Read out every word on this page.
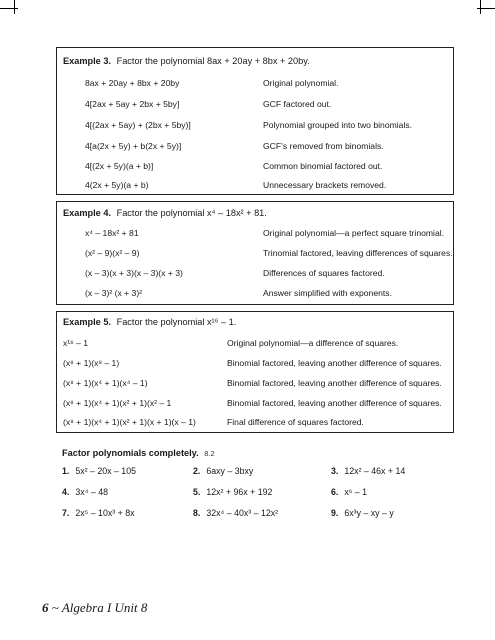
Example 3. Factor the polynomial 8ax + 20ay + 8bx + 20by.
8ax + 20ay + 8bx + 20by	Original polynomial.
4[2ax + 5ay + 2bx + 5by]	GCF factored out.
4[(2ax + 5ay) + (2bx + 5by)]	Polynomial grouped into two binomials.
4[a(2x + 5y) + b(2x + 5y)]	GCF’s removed from binomials.
4[(2x + 5y)(a + b)]	Common binomial factored out.
4(2x + 5y)(a + b)	Unnecessary brackets removed.
Example 4. Factor the polynomial x⁴ – 18x² + 81.
x⁴ – 18x² + 81	Original polynomial—a perfect square trinomial.
(x² – 9)(x² – 9)	Trinomial factored, leaving differences of squares.
(x – 3)(x + 3)(x – 3)(x + 3)	Differences of squares factored.
(x – 3)² (x + 3)²	Answer simplified with exponents.
Example 5. Factor the polynomial x¹⁶ – 1.
x¹⁶ – 1	Original polynomial—a difference of squares.
(x⁸ + 1)(x⁸ – 1)	Binomial factored, leaving another difference of squares.
(x⁸ + 1)(x⁴ + 1)(x⁴ – 1)	Binomial factored, leaving another difference of squares.
(x⁸ + 1)(x⁴ + 1)(x² + 1)(x² – 1	Binomial factored, leaving another difference of squares.
(x⁸ + 1)(x⁴ + 1)(x² + 1)(x + 1)(x – 1)	Final difference of squares factored.
Factor polynomials completely. 8.2
1. 5x² – 20x – 105	2. 6axy – 3bxy	3. 12x² – 46x + 14
4. 3x⁴ – 48	5. 12x² + 96x + 192	6. x⁶ – 1
7. 2x⁵ – 10x³ + 8x	8. 32x⁴ – 40x³ – 12x²	9. 6x³y – xy – y
6 ~ Algebra I Unit 8
